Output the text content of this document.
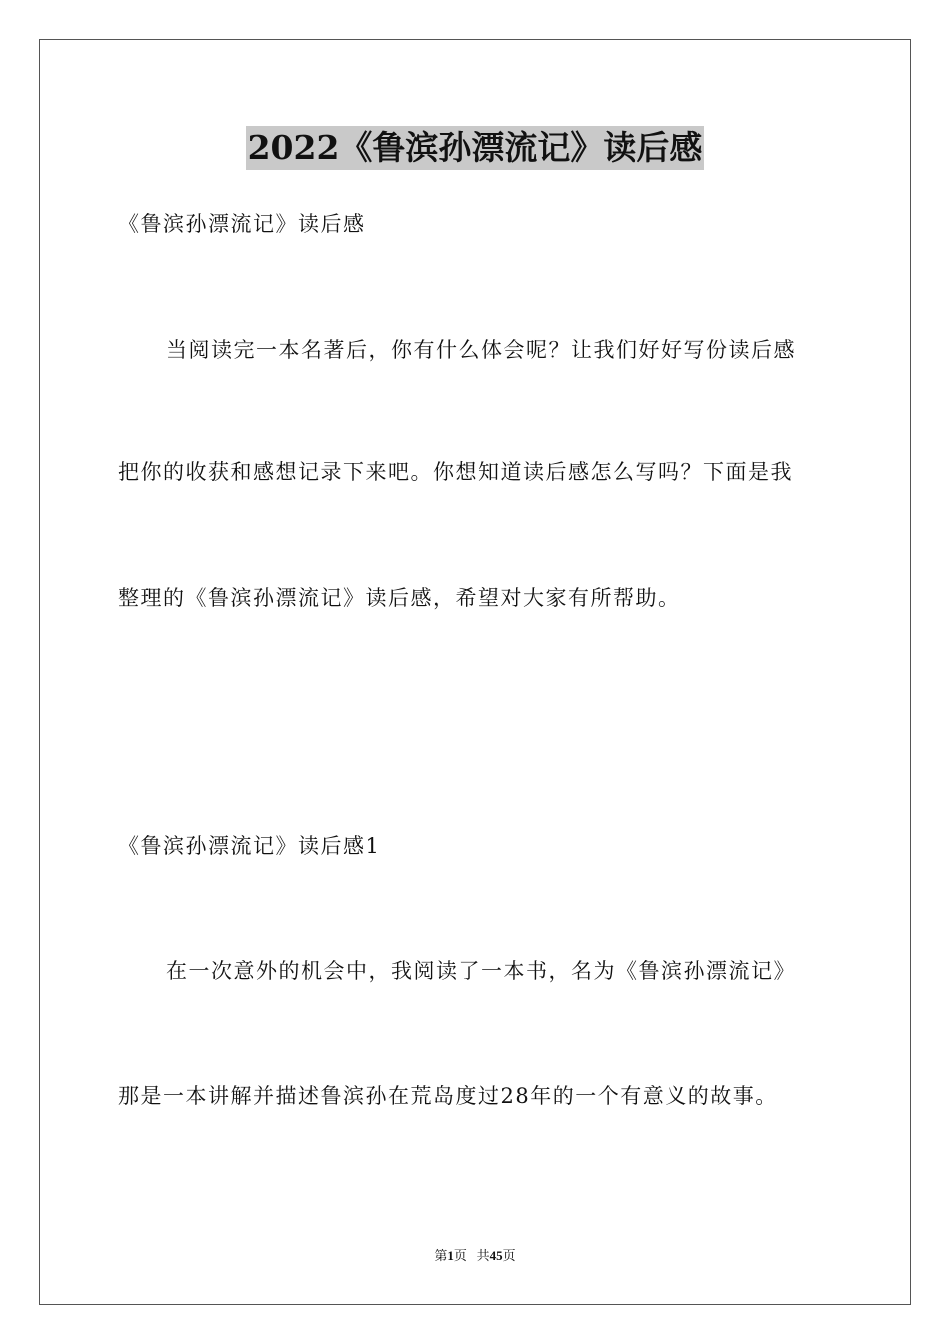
2022《鲁滨孙漂流记》读后感
《鲁滨孙漂流记》读后感
当阅读完一本名著后，你有什么体会呢？让我们好好写份读后感
把你的收获和感想记录下来吧。你想知道读后感怎么写吗？下面是我
整理的《鲁滨孙漂流记》读后感，希望对大家有所帮助。
《鲁滨孙漂流记》读后感1
在一次意外的机会中，我阅读了一本书，名为《鲁滨孙漂流记》
那是一本讲解并描述鲁滨孙在荒岛度过28年的一个有意义的故事。
第1页 共45页
